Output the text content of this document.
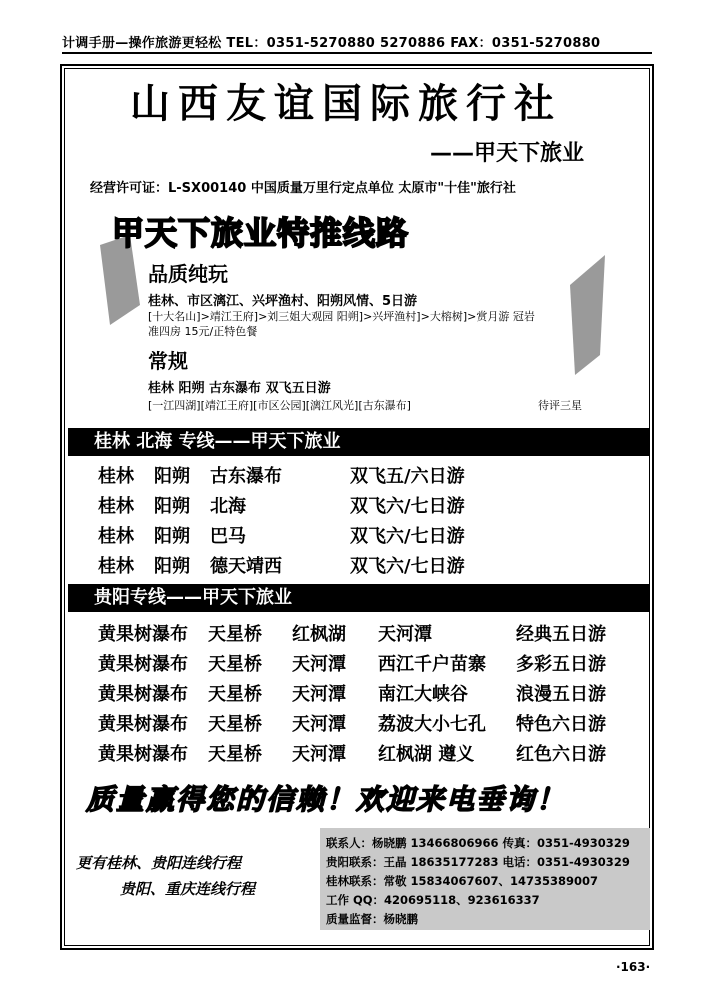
计调手册—操作旅游更轻松 TEL：0351-5270880 5270886 FAX：0351-5270880
山西友谊国际旅行社
——甲天下旅业
经营许可证：L-SX00140 中国质量万里行定点单位 太原市"十佳"旅行社
甲天下旅业特推线路
品质纯玩
桂林、市区漓江、兴坪渔村、阳朔风情、5日游
[十大名山]>靖江王府]>刘三姐大观园 阳朔]>兴坪渔村]>大榕树]>赏月游 冠岩
准四房 15元/正特色餐
常规
桂林 阳朔 古东瀑布 双飞五日游
[一江四湖][靖江王府][市区公园][漓江风光][古东瀑布]	待评三星
桂林 北海 专线——甲天下旅业
桂林 阳朔 古东瀑布	双飞五/六日游
桂林 阳朔 北海	双飞六/七日游
桂林 阳朔 巴马	双飞六/七日游
桂林 阳朔 德天靖西	双飞六/七日游
贵阳专线——甲天下旅业
黄果树瀑布 天星桥 红枫湖 天河潭	经典五日游
黄果树瀑布 天星桥 天河潭 西江千户苗寨 多彩五日游
黄果树瀑布 天星桥 天河潭 南江大峡谷	浪漫五日游
黄果树瀑布 天星桥 天河潭 荔波大小七孔 特色六日游
黄果树瀑布 天星桥 天河潭 红枫湖 遵义 红色六日游
质量赢得您的信赖！欢迎来电垂询！
更有桂林、贵阳连线行程
贵阳、重庆连线行程
联系人：杨晓鹏 13466806966 传真：0351-4930329
贵阳联系：王晶 18635177283 电话：0351-4930329
桂林联系：常敬 15834067607、14735389007
工作 QQ：420695118、923616337
质量监督：杨晓鹏
·163·
